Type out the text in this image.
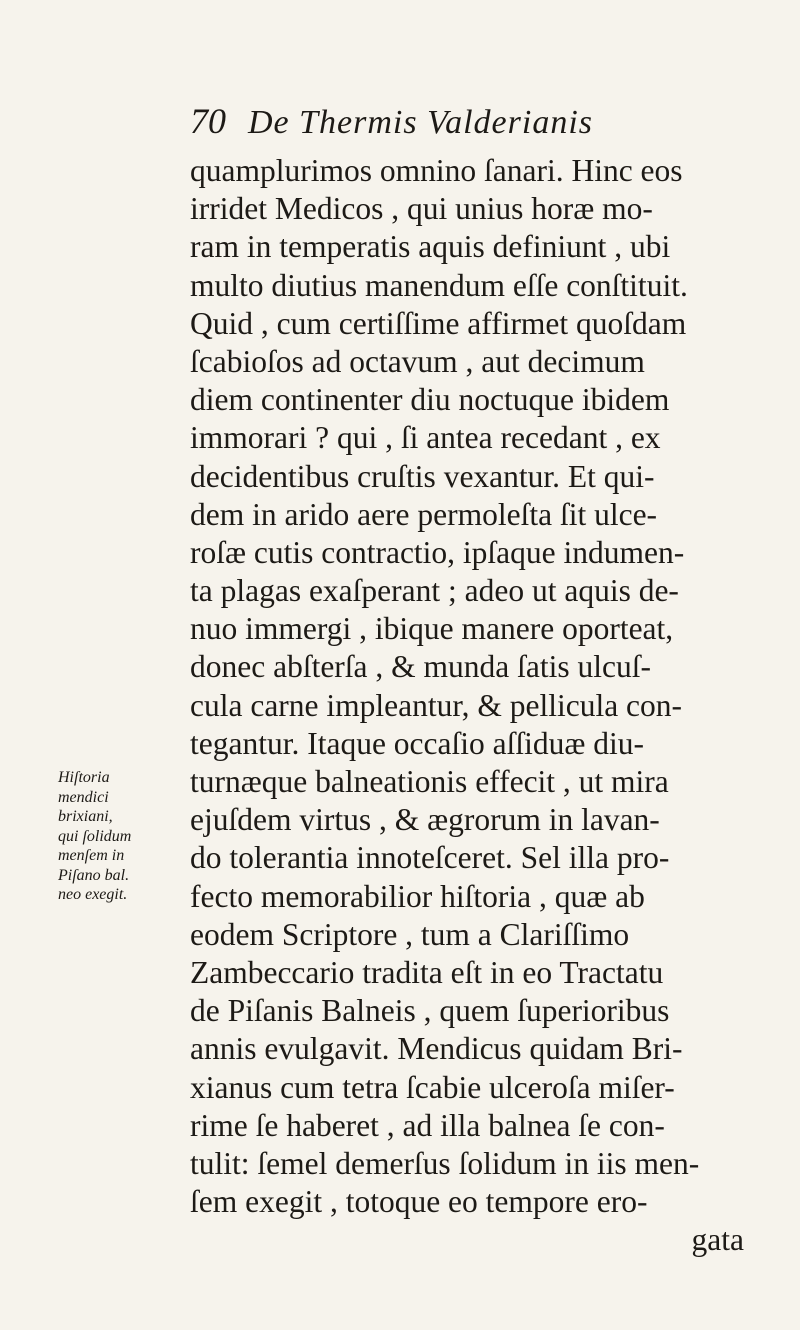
70 De Thermis Valderianis
quamplurimos omnino ſanari. Hinc eos
irridet Medicos , qui unius horæ mo-
ram in temperatis aquis definiunt , ubi
multo diutius manendum eſſe conſtituit.
Quid , cum certiſſime affirmet quoſdam
ſcabioſos ad octavum , aut decimum
diem continenter diu noctuque ibidem
immorari ? qui , ſi antea recedant , ex
decidentibus cruſtis vexantur. Et qui-
dem in arido aere permoleſta ſit ulce-
roſæ cutis contractio, ipſaque indumen-
ta plagas exaſperant ; adeo ut aquis de-
nuo immergi , ibique manere oporteat,
donec abſterſa , & munda ſatis ulcuſ-
cula carne impleantur, & pellicula con-
tegantur. Itaque occaſio aſſiduæ diu-
turnæque balneationis effecit , ut mira
ejuſdem virtus , & ægrorum in lavan-
do tolerantia innoteſceret. Sel illa pro-
fecto memorabilior hiſtoria , quæ ab
eodem Scriptore , tum a Clariſſimo
Zambeccario tradita eſt in eo Tractatu
de Piſanis Balneis , quem ſuperioribus
annis evulgavit. Mendicus quidam Bri-
xianus cum tetra ſcabie ulceroſa miſer-
rime ſe haberet , ad illa balnea ſe con-
tulit: ſemel demerſus ſolidum in iis men-
ſem exegit , totoque eo tempore ero-
gata
Hiſtoria
mendici
brixiani,
qui ſolidum
menſem in
Piſano bal.
neo exegit.
